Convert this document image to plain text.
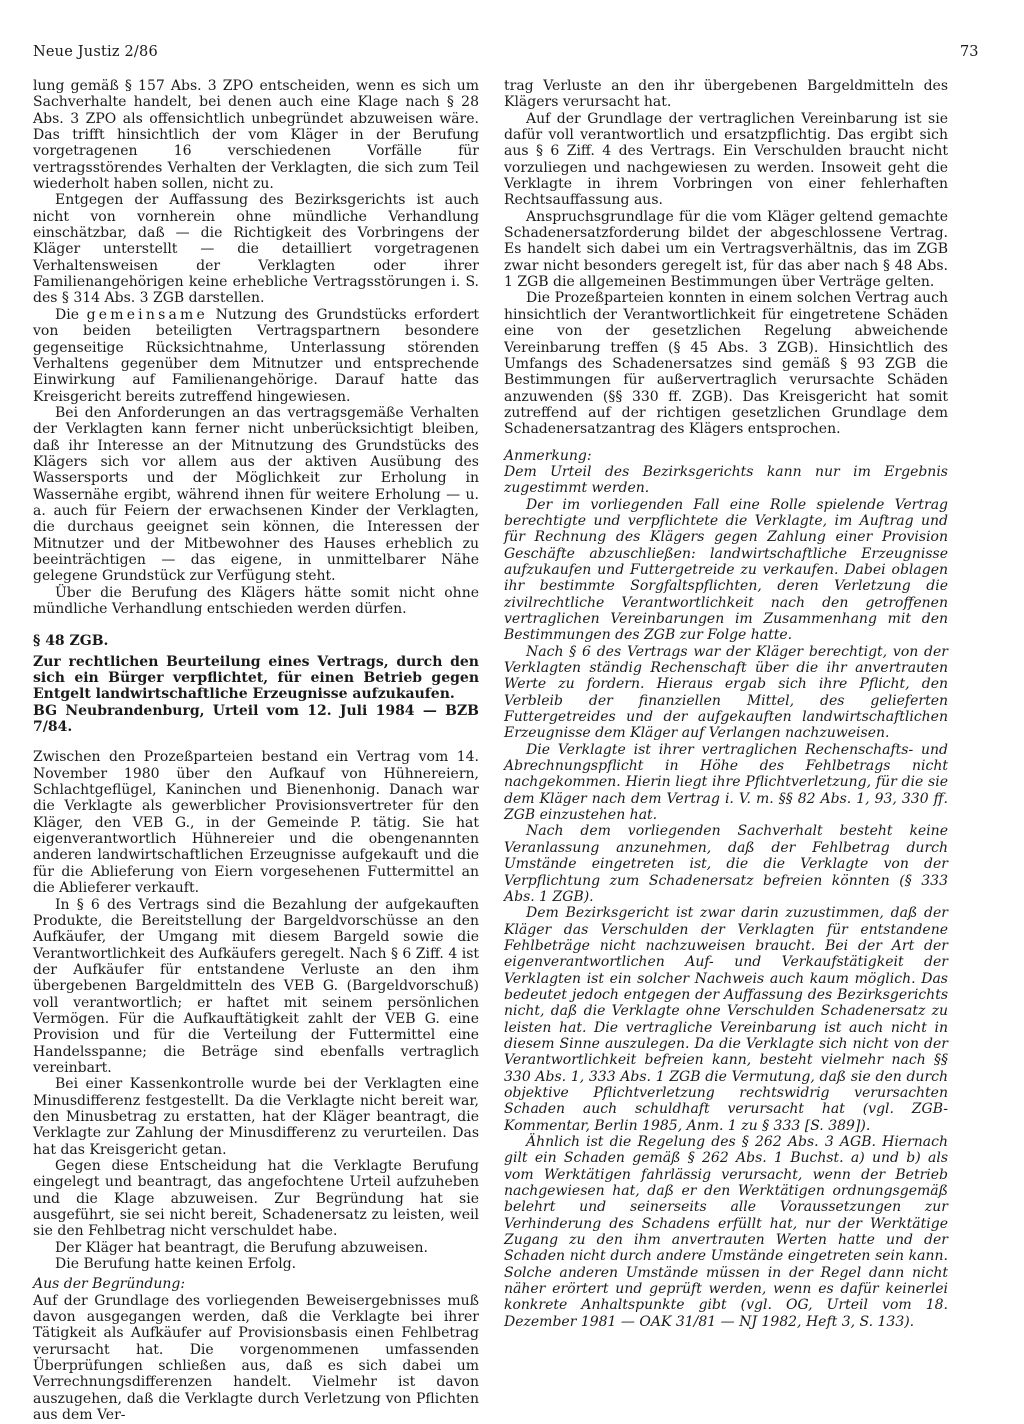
Neue Justiz 2/86	73

lung gemäß § 157 Abs. 3 ZPO entscheiden, wenn es sich um Sachverhalte handelt, bei denen auch eine Klage nach § 28 Abs. 3 ZPO als offensichtlich unbegründet abzuweisen wäre. Das trifft hinsichtlich der vom Kläger in der Berufung vorgetragenen 16 verschiedenen Vorfälle für vertragsstörendes Verhalten der Verklagten, die sich zum Teil wiederholt haben sollen, nicht zu.

Entgegen der Auffassung des Bezirksgerichts ist auch nicht von vornherein ohne mündliche Verhandlung einschätzbar, daß — die Richtigkeit des Vorbringens der Kläger unterstellt — die detailliert vorgetragenen Verhaltensweisen der Verklagten oder ihrer Familienangehörigen keine erhebliche Vertragsstörungen i. S. des § 314 Abs. 3 ZGB darstellen.

Die gemeinsame Nutzung des Grundstücks erfordert von beiden beteiligten Vertragspartnern besondere gegenseitige Rücksichtnahme, Unterlassung störenden Verhaltens gegenüber dem Mitnutzer und entsprechende Einwirkung auf Familienangehörige. Darauf hatte das Kreisgericht bereits zutreffend hingewiesen.

Bei den Anforderungen an das vertragsgemäße Verhalten der Verklagten kann ferner nicht unberücksichtigt bleiben, daß ihr Interesse an der Mitnutzung des Grundstücks des Klägers sich vor allem aus der aktiven Ausübung des Wassersports und der Möglichkeit zur Erholung in Wassernähe ergibt, während ihnen für weitere Erholung — u. a. auch für Feiern der erwachsenen Kinder der Verklagten, die durchaus geeignet sein können, die Interessen der Mitnutzer und der Mitbewohner des Hauses erheblich zu beeinträchtigen — das eigene, in unmittelbarer Nähe gelegene Grundstück zur Verfügung steht.

Über die Berufung des Klägers hätte somit nicht ohne mündliche Verhandlung entschieden werden dürfen.

§ 48 ZGB.

Zur rechtlichen Beurteilung eines Vertrags, durch den sich ein Bürger verpflichtet, für einen Betrieb gegen Entgelt landwirtschaftliche Erzeugnisse aufzukaufen.

BG Neubrandenburg, Urteil vom 12. Juli 1984 — BZB 7/84.

Zwischen den Prozeßparteien bestand ein Vertrag vom 14. November 1980 über den Aufkauf von Hühnereiern, Schlachtgeflügel, Kaninchen und Bienenhonig. Danach war die Verklagte als gewerblicher Provisionsvertreter für den Kläger, den VEB G., in der Gemeinde P. tätig. Sie hat eigenverantwortlich Hühnereier und die obengenannten anderen landwirtschaftlichen Erzeugnisse aufgekauft und die für die Ablieferung von Eiern vorgesehenen Futtermittel an die Ablieferer verkauft.

In § 6 des Vertrags sind die Bezahlung der aufgekauften Produkte, die Bereitstellung der Bargeldvorschüsse an den Aufkäufer, der Umgang mit diesem Bargeld sowie die Verantwortlichkeit des Aufkäufers geregelt. Nach § 6 Ziff. 4 ist der Aufkäufer für entstandene Verluste an den ihm übergebenen Bargeldmitteln des VEB G. (Bargeldvorschuß) voll verantwortlich; er haftet mit seinem persönlichen Vermögen. Für die Aufkauftätigkeit zahlt der VEB G. eine Provision und für die Verteilung der Futtermittel eine Handelsspanne; die Beträge sind ebenfalls vertraglich vereinbart.

Bei einer Kassenkontrolle wurde bei der Verklagten eine Minusdifferenz festgestellt. Da die Verklagte nicht bereit war, den Minusbetrag zu erstatten, hat der Kläger beantragt, die Verklagte zur Zahlung der Minusdifferenz zu verurteilen. Das hat das Kreisgericht getan.

Gegen diese Entscheidung hat die Verklagte Berufung eingelegt und beantragt, das angefochtene Urteil aufzuheben und die Klage abzuweisen. Zur Begründung hat sie ausgeführt, sie sei nicht bereit, Schadenersatz zu leisten, weil sie den Fehlbetrag nicht verschuldet habe.

Der Kläger hat beantragt, die Berufung abzuweisen.

Die Berufung hatte keinen Erfolg.

Aus der Begründung:

Auf der Grundlage des vorliegenden Beweisergebnisses muß davon ausgegangen werden, daß die Verklagte bei ihrer Tätigkeit als Aufkäufer auf Provisionsbasis einen Fehlbetrag verursacht hat. Die vorgenommenen umfassenden Überprüfungen schließen aus, daß es sich dabei um Verrechnungsdifferenzen handelt. Vielmehr ist davon auszugehen, daß die Verklagte durch Verletzung von Pflichten aus dem Ver-

trag Verluste an den ihr übergebenen Bargeldmitteln des Klägers verursacht hat.

Auf der Grundlage der vertraglichen Vereinbarung ist sie dafür voll verantwortlich und ersatzpflichtig. Das ergibt sich aus § 6 Ziff. 4 des Vertrags. Ein Verschulden braucht nicht vorzuliegen und nachgewiesen zu werden. Insoweit geht die Verklagte in ihrem Vorbringen von einer fehlerhaften Rechtsauffassung aus.

Anspruchsgrundlage für die vom Kläger geltend gemachte Schadenersatzforderung bildet der abgeschlossene Vertrag. Es handelt sich dabei um ein Vertragsverhältnis, das im ZGB zwar nicht besonders geregelt ist, für das aber nach § 48 Abs. 1 ZGB die allgemeinen Bestimmungen über Verträge gelten.

Die Prozeßparteien konnten in einem solchen Vertrag auch hinsichtlich der Verantwortlichkeit für eingetretene Schäden eine von der gesetzlichen Regelung abweichende Vereinbarung treffen (§ 45 Abs. 3 ZGB). Hinsichtlich des Umfangs des Schadenersatzes sind gemäß § 93 ZGB die Bestimmungen für außervertraglich verursachte Schäden anzuwenden (§§ 330 ff. ZGB). Das Kreisgericht hat somit zutreffend auf der richtigen gesetzlichen Grundlage dem Schadenersatzantrag des Klägers entsprochen.

Anmerkung:

Dem Urteil des Bezirksgerichts kann nur im Ergebnis zugestimmt werden.

Der im vorliegenden Fall eine Rolle spielende Vertrag berechtigte und verpflichtete die Verklagte, im Auftrag und für Rechnung des Klägers gegen Zahlung einer Provision Geschäfte abzuschließen: landwirtschaftliche Erzeugnisse aufzukaufen und Futtergetreide zu verkaufen. Dabei oblagen ihr bestimmte Sorgfaltspflichten, deren Verletzung die zivilrechtliche Verantwortlichkeit nach den getroffenen vertraglichen Vereinbarungen im Zusammenhang mit den Bestimmungen des ZGB zur Folge hatte.

Nach § 6 des Vertrags war der Kläger berechtigt, von der Verklagten ständig Rechenschaft über die ihr anvertrauten Werte zu fordern. Hieraus ergab sich ihre Pflicht, den Verbleib der finanziellen Mittel, des gelieferten Futtergetreides und der aufgekauften landwirtschaftlichen Erzeugnisse dem Kläger auf Verlangen nachzuweisen.

Die Verklagte ist ihrer vertraglichen Rechenschafts- und Abrechnungspflicht in Höhe des Fehlbetrags nicht nachgekommen. Hierin liegt ihre Pflichtverletzung, für die sie dem Kläger nach dem Vertrag i. V. m. §§ 82 Abs. 1, 93, 330 ff. ZGB einzustehen hat.

Nach dem vorliegenden Sachverhalt besteht keine Veranlassung anzunehmen, daß der Fehlbetrag durch Umstände eingetreten ist, die die Verklagte von der Verpflichtung zum Schadenersatz befreien könnten (§ 333 Abs. 1 ZGB).

Dem Bezirksgericht ist zwar darin zuzustimmen, daß der Kläger das Verschulden der Verklagten für entstandene Fehlbeträge nicht nachzuweisen braucht. Bei der Art der eigenverantwortlichen Auf- und Verkaufstätigkeit der Verklagten ist ein solcher Nachweis auch kaum möglich. Das bedeutet jedoch entgegen der Auffassung des Bezirksgerichts nicht, daß die Verklagte ohne Verschulden Schadenersatz zu leisten hat. Die vertragliche Vereinbarung ist auch nicht in diesem Sinne auszulegen. Da die Verklagte sich nicht von der Verantwortlichkeit befreien kann, besteht vielmehr nach §§ 330 Abs. 1, 333 Abs. 1 ZGB die Vermutung, daß sie den durch objektive Pflichtverletzung rechtswidrig verursachten Schaden auch schuldhaft verursacht hat (vgl. ZGB-Kommentar, Berlin 1985, Anm. 1 zu § 333 [S. 389]).

Ähnlich ist die Regelung des § 262 Abs. 3 AGB. Hiernach gilt ein Schaden gemäß § 262 Abs. 1 Buchst. a) und b) als vom Werktätigen fahrlässig verursacht, wenn der Betrieb nachgewiesen hat, daß er den Werktätigen ordnungsgemäß belehrt und seinerseits alle Voraussetzungen zur Verhinderung des Schadens erfüllt hat, nur der Werktätige Zugang zu den ihm anvertrauten Werten hatte und der Schaden nicht durch andere Umstände eingetreten sein kann. Solche anderen Umstände müssen in der Regel dann nicht näher erörtert und geprüft werden, wenn es dafür keinerlei konkrete Anhaltspunkte gibt (vgl. OG, Urteil vom 18. Dezember 1981 — OAK 31/81 — NJ 1982, Heft 3, S. 133).
